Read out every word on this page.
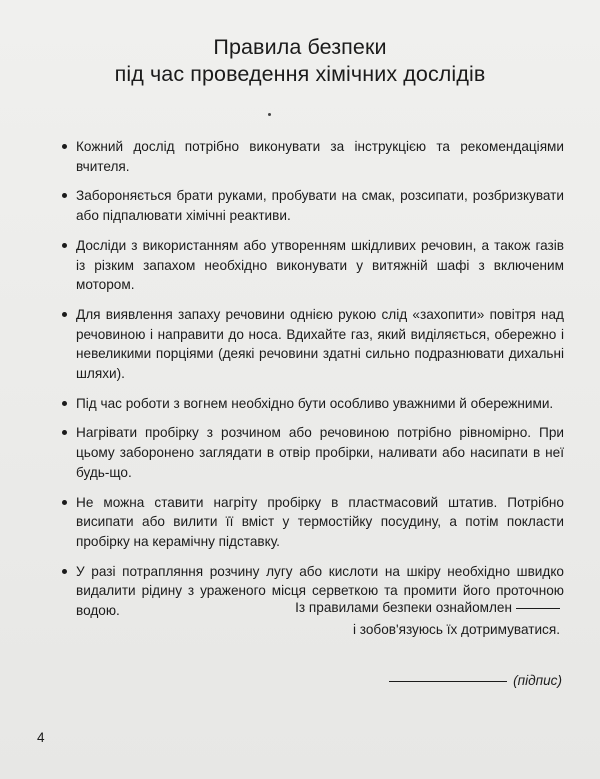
Правила безпеки
під час проведення хімічних дослідів
Кожний дослід потрібно виконувати за інструкцією та рекомендаціями вчителя.
Забороняється брати руками, пробувати на смак, розсипати, розбризкувати або підпалювати хімічні реактиви.
Досліди з використанням або утворенням шкідливих речовин, а також газів із різким запахом необхідно виконувати у витяжній шафі з включеним мотором.
Для виявлення запаху речовини однією рукою слід «захопити» повітря над речовиною і направити до носа. Вдихайте газ, який виділяється, обережно і невеликими порціями (деякі речовини здатні сильно подразнювати дихальні шляхи).
Під час роботи з вогнем необхідно бути особливо уважними й обережними.
Нагрівати пробірку з розчином або речовиною потрібно рівномірно. При цьому заборонено заглядати в отвір пробірки, наливати або насипати в неї будь-що.
Не можна ставити нагріту пробірку в пластмасовий штатив. Потрібно висипати або вилити її вміст у термостійку посудину, а потім покласти пробірку на керамічну підставку.
У разі потрапляння розчину лугу або кислоти на шкіру необхідно швидко видалити рідину з ураженого місця серветкою та промити його проточною водою.	Із правилами безпеки ознайомлен
і зобов'язуюсь їх дотримуватися.
(підпис)
4
